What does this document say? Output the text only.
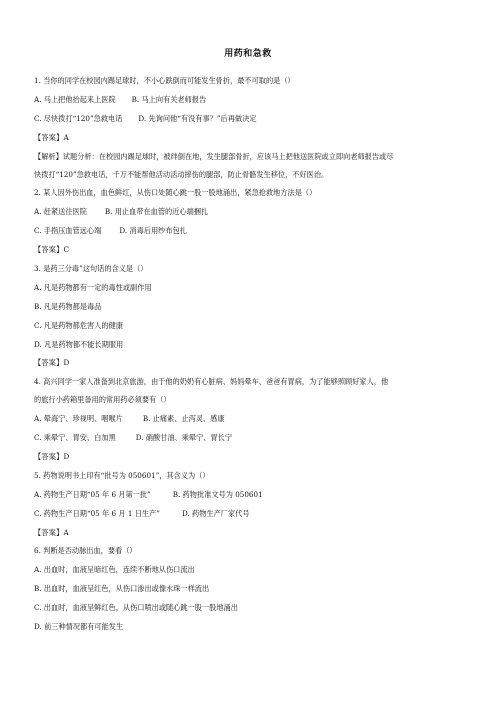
用药和急救
1. 当你的同学在校园内踢足球时，不小心跌倒而可能发生骨折，最不可取的是（）
A. 马上把他抬起来上医院 B. 马上向有关老师报告
C. 尽快拨打“120”急救电话 D. 先询问他“有没有事？”后再做决定
【答案】A
【解析】试题分析：在校园内踢足球时，被绊倒在地，发生腿部骨折，应该马上把他送医院或立即向老师报告或尽
快拨打“120”急救电话，千万不能帮他活动活动摔伤的腿部，防止骨骼发生移位，不好医治。
2. 某人因外伤出血，血色鲜红，从伤口处随心跳一股一股地涌出，紧急抢救地方法是（）
A. 赶紧送往医院	B. 用止血带在血管的近心端捆扎
C. 手指压血管远心端	D. 消毒后用纱布包扎
【答案】C
3. 是药三分毒”这句话的含义是（）
A. 凡是药物都有一定的毒性或副作用
B. 凡是药物都是毒品
C. 凡是药物都危害人的健康
D. 凡是药物都不能长期服用
【答案】D
4. 高兴同学一家人准备到北京旅游，由于他的奶奶有心脏病、妈妈晕车、爸爸有胃病，为了能够照顾好家人，他
的旅行小药箱里备用的常用药必须要有（）
A. 晕海宁、珍视明、咽喉片	B. 止痛素、止泻灵、感康
C. 乘晕宁、胃安、白加黑	D. 硝酸甘油、乘晕宁、胃长宁
【答案】D
5. 药物说明书上印有“批号为 050601”，其含义为（）
A. 药物生产日期“05 年 6 月第一批”	B. 药物批准文号为 050601
C. 药物生产日期“05 年 6 月 1 日生产”	D. 药物生产厂家代号
【答案】A
6. 判断是否动脉出血，要看（）
A. 出血时，血液呈暗红色，连续不断地从伤口流出
B. 出血时，血液呈红色，从伤口渗出或像水珠一样流出
C. 出血时，血液呈鲜红色，从伤口喷出或随心跳一股一股地涌出
D. 前三种情况都有可能发生
